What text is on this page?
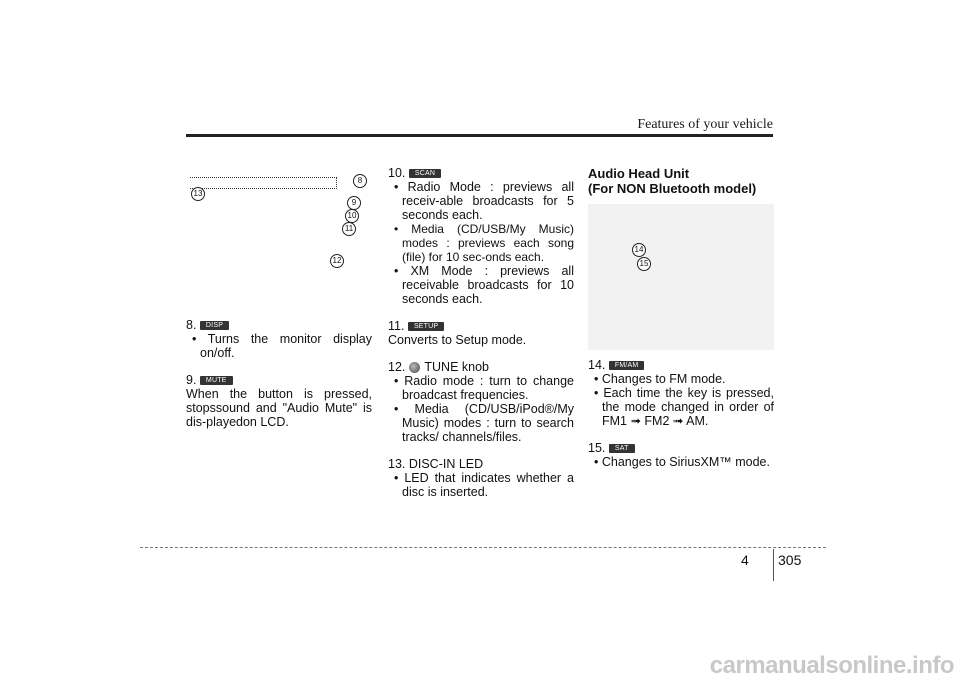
Features of your vehicle
8
9
10
11
12
13
14
15

8. DISP

• Turns the monitor display on/off.

9. MUTE

When the button is pressed, stopssound and "Audio Mute" is dis-playedon LCD.

10. SCAN

• Radio Mode : previews all receiv-able broadcasts for 5 seconds each.

• Media (CD/USB/My Music) modes : previews each song (file) for 10 sec-onds each.

• XM Mode : previews all receivable broadcasts for 10 seconds each.

11. SETUP

Converts to Setup mode.

12. TUNE knob

• Radio mode : turn to change broadcast frequencies.

• Media (CD/USB/iPod®/My Music) modes : turn to search tracks/ channels/files.

13. DISC-IN LED

• LED that indicates whether a disc is inserted.

Audio Head Unit

(For NON Bluetooth model)

14. FM/AM

• Changes to FM mode.

• Each time the key is pressed, the mode changed in order of FM1 ➟ FM2 ➟ AM.

15. SAT

• Changes to SiriusXM™ mode.

4 305
carmanualsonline.info
